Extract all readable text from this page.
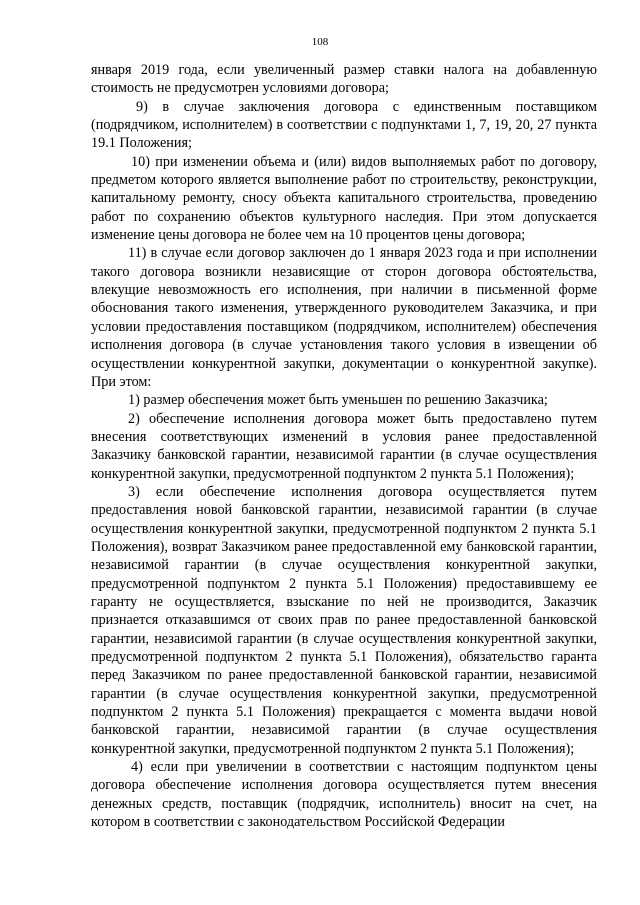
108

января 2019 года, если увеличенный размер ставки налога на добавленную стоимость не предусмотрен условиями договора;

9) в случае заключения договора с единственным поставщиком (подрядчиком, исполнителем) в соответствии с подпунктами 1, 7, 19, 20, 27 пункта 19.1 Положения;

10) при изменении объема и (или) видов выполняемых работ по договору, предметом которого является выполнение работ по строительству, реконструкции, капитальному ремонту, сносу объекта капитального строительства, проведению работ по сохранению объектов культурного наследия. При этом допускается изменение цены договора не более чем на 10 процентов цены договора;

11) в случае если договор заключен до 1 января 2023 года и при исполнении такого договора возникли независящие от сторон договора обстоятельства, влекущие невозможность его исполнения, при наличии в письменной форме обоснования такого изменения, утвержденного руководителем Заказчика, и при условии предоставления поставщиком (подрядчиком, исполнителем) обеспечения исполнения договора (в случае установления такого условия в извещении об осуществлении конкурентной закупки, документации о конкурентной закупке). При этом:

1) размер обеспечения может быть уменьшен по решению Заказчика;

2) обеспечение исполнения договора может быть предоставлено путем внесения соответствующих изменений в условия ранее предоставленной Заказчику банковской гарантии, независимой гарантии (в случае осуществления конкурентной закупки, предусмотренной подпунктом 2 пункта 5.1 Положения);

3) если обеспечение исполнения договора осуществляется путем предоставления новой банковской гарантии, независимой гарантии (в случае осуществления конкурентной закупки, предусмотренной подпунктом 2 пункта 5.1 Положения), возврат Заказчиком ранее предоставленной ему банковской гарантии, независимой гарантии (в случае осуществления конкурентной закупки, предусмотренной подпунктом 2 пункта 5.1 Положения) предоставившему ее гаранту не осуществляется, взыскание по ней не производится, Заказчик признается отказавшимся от своих прав по ранее предоставленной банковской гарантии, независимой гарантии (в случае осуществления конкурентной закупки, предусмотренной подпунктом 2 пункта 5.1 Положения), обязательство гаранта перед Заказчиком по ранее предоставленной банковской гарантии, независимой гарантии (в случае осуществления конкурентной закупки, предусмотренной подпунктом 2 пункта 5.1 Положения) прекращается с момента выдачи новой банковской гарантии, независимой гарантии (в случае осуществления конкурентной закупки, предусмотренной подпунктом 2 пункта 5.1 Положения);

4) если при увеличении в соответствии с настоящим подпунктом цены договора обеспечение исполнения договора осуществляется путем внесения денежных средств, поставщик (подрядчик, исполнитель) вносит на счет, на котором в соответствии с законодательством Российской Федерации
